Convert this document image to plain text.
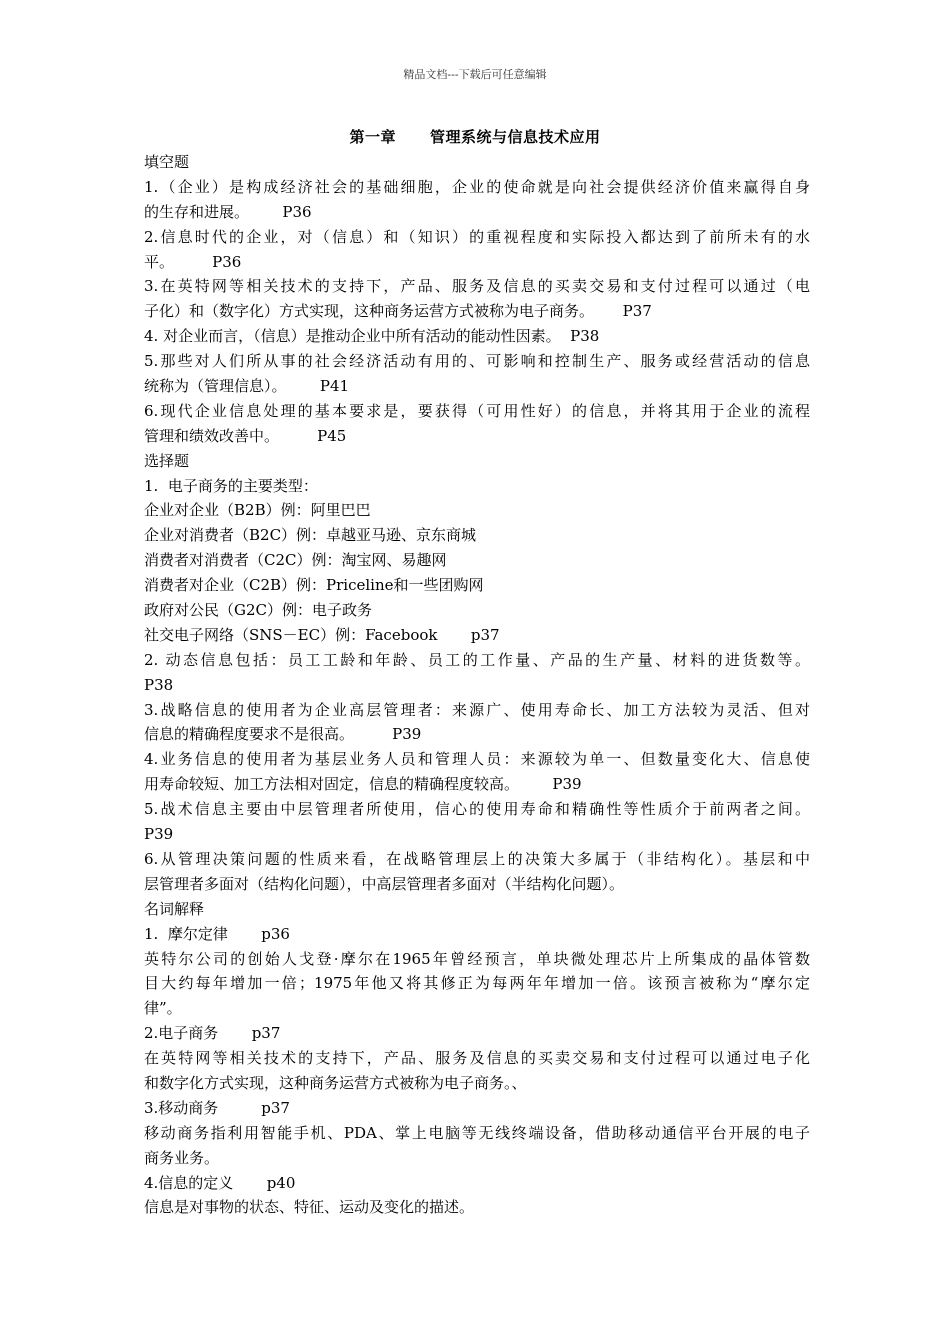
精品文档---下载后可任意编辑
第一章 管理系统与信息技术应用
填空题
1.（企业）是构成经济社会的基础细胞，企业的使命就是向社会提供经济价值来赢得自身
的生存和进展。       P36
2.信息时代的企业，对（信息）和（知识）的重视程度和实际投入都达到了前所未有的水
平。        P36
3.在英特网等相关技术的支持下，产品、服务及信息的买卖交易和支付过程可以通过（电
子化）和（数字化）方式实现，这种商务运营方式被称为电子商务。      P37
4. 对企业而言，（信息）是推动企业中所有活动的能动性因素。  P38
5.那些对人们所从事的社会经济活动有用的、可影响和控制生产、服务或经营活动的信息
统称为（管理信息）。       P41
6.现代企业信息处理的基本要求是，要获得（可用性好）的信息，并将其用于企业的流程
管理和绩效改善中。        P45
选择题
1.  电子商务的主要类型：
企业对企业（B2B）例：阿里巴巴
企业对消费者（B2C）例：卓越亚马逊、京东商城
消费者对消费者（C2C）例：淘宝网、易趣网
消费者对企业（C2B）例：Priceline和一些团购网
政府对公民（G2C）例：电子政务
社交电子网络（SNS－EC）例：Facebook       p37
2. 动态信息包括：员工工龄和年龄、员工的工作量、产品的生产量、材料的进货数等。
P38
3.战略信息的使用者为企业高层管理者：来源广、使用寿命长、加工方法较为灵活、但对
信息的精确程度要求不是很高。        P39
4.业务信息的使用者为基层业务人员和管理人员：来源较为单一、但数量变化大、信息使
用寿命较短、加工方法相对固定，信息的精确程度较高。       P39
5.战术信息主要由中层管理者所使用，信心的使用寿命和精确性等性质介于前两者之间。
P39
6.从管理决策问题的性质来看，在战略管理层上的决策大多属于（非结构化）。基层和中
层管理者多面对（结构化问题），中高层管理者多面对（半结构化问题）。
名词解释
1.  摩尔定律       p36
英特尔公司的创始人戈登·摩尔在1965年曾经预言，单块微处理芯片上所集成的晶体管数
目大约每年增加一倍；1975年他又将其修正为每两年年增加一倍。该预言被称为“摩尔定
律”。
2.电子商务       p37
在英特网等相关技术的支持下，产品、服务及信息的买卖交易和支付过程可以通过电子化
和数字化方式实现，这种商务运营方式被称为电子商务。、
3.移动商务         p37
移动商务指利用智能手机、PDA、掌上电脑等无线终端设备，借助移动通信平台开展的电子
商务业务。
4.信息的定义       p40
信息是对事物的状态、特征、运动及变化的描述。
